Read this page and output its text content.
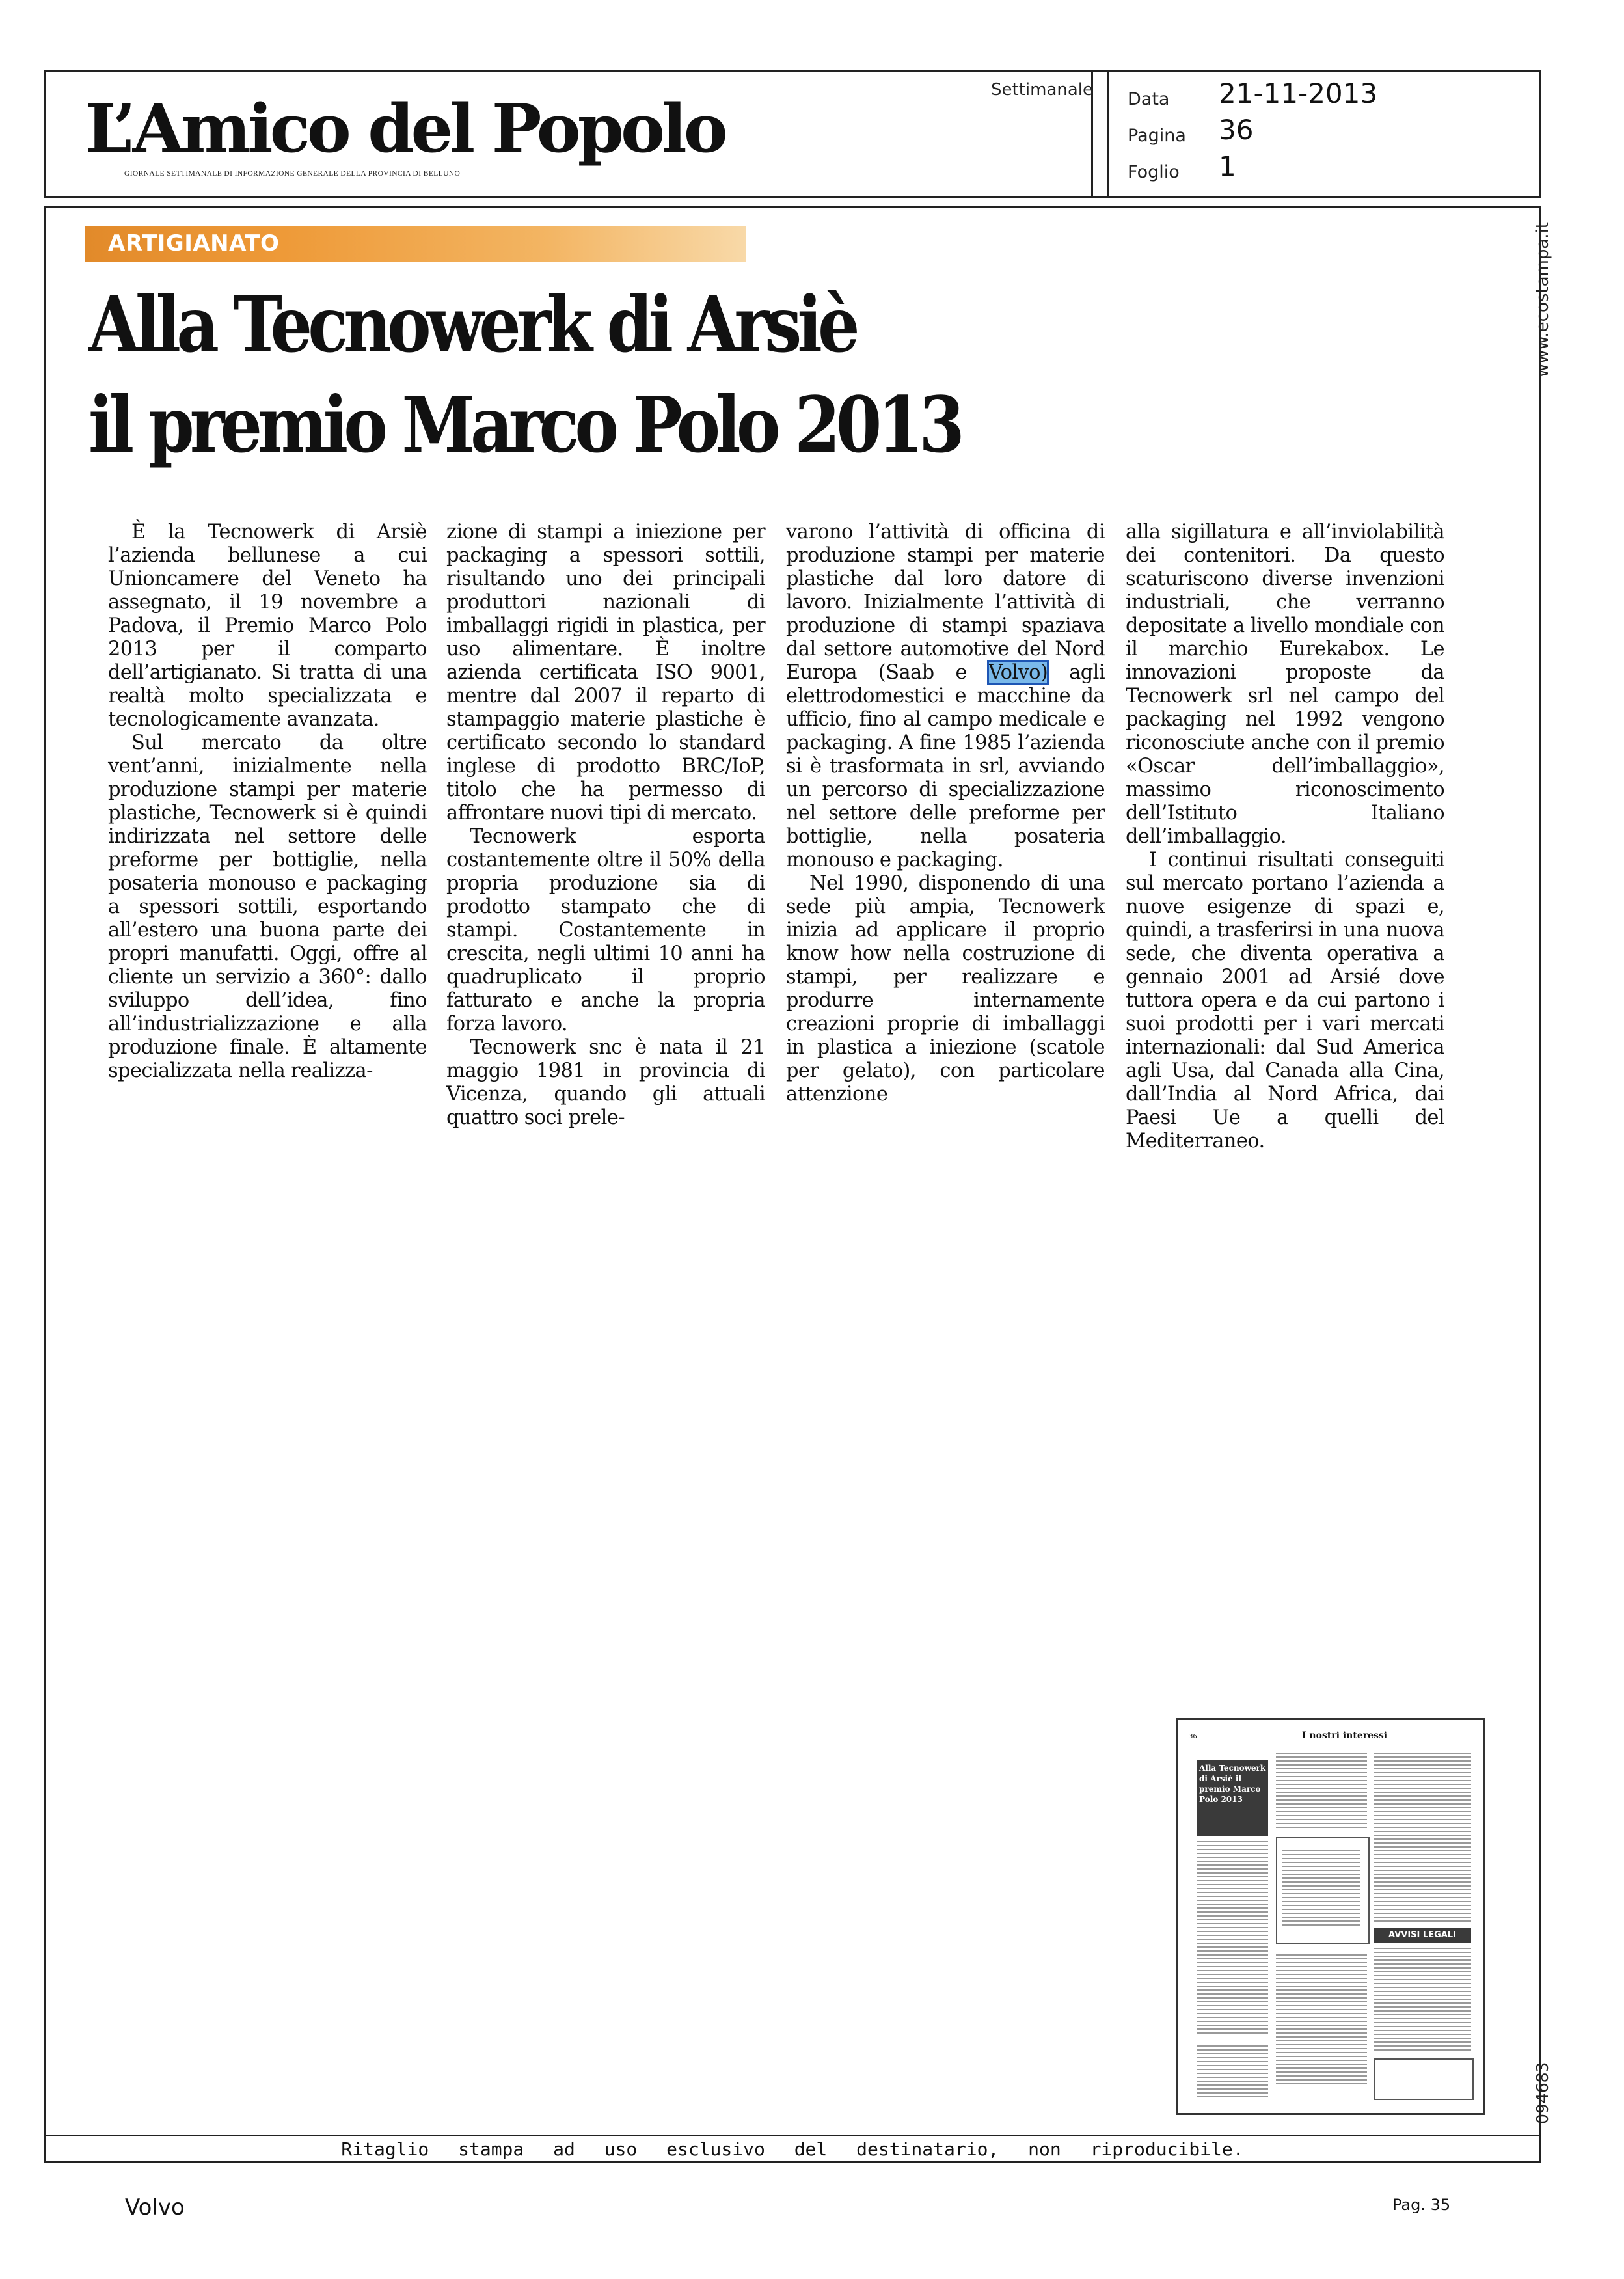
L’Amico del Popolo
GIORNALE SETTIMANALE DI INFORMAZIONE GENERALE DELLA PROVINCIA DI BELLUNO
Settimanale Data 21-11-2013
Pagina 36
Foglio 1
www.ecostampa.it
094683
ARTIGIANATO
Alla Tecnowerk di Arsiè
il premio Marco Polo 2013

È la Tecnowerk di Arsiè l’azienda bellunese a cui Unioncamere del Veneto ha assegnato, il 19 novembre a Padova, il Premio Marco Polo 2013 per il comparto dell’artigianato. Si tratta di una realtà molto specializzata e tecnologicamente avanzata.

Sul mercato da oltre vent’anni, inizialmente nella produzione stampi per materie plastiche, Tecnowerk si è quindi indirizzata nel settore delle preforme per bottiglie, nella posateria monouso e packaging a spessori sottili, esportando all’estero una buona parte dei propri manufatti. Oggi, offre al cliente un servizio a 360°: dallo sviluppo dell’idea, fino all’industrializzazione e alla produzione finale. È altamente specializzata nella realizza-

zione di stampi a iniezione per packaging a spessori sottili, risultando uno dei principali produttori nazionali di imballaggi rigidi in plastica, per uso alimentare. È inoltre azienda certificata ISO 9001, mentre dal 2007 il reparto di stampaggio materie plastiche è certificato secondo lo standard inglese di prodotto BRC/IoP, titolo che ha permesso di affrontare nuovi tipi di mercato.

Tecnowerk esporta costantemente oltre il 50% della propria produzione sia di prodotto stampato che di stampi. Costantemente in crescita, negli ultimi 10 anni ha quadruplicato il proprio fatturato e anche la propria forza lavoro.

Tecnowerk snc è nata il 21 maggio 1981 in provincia di Vicenza, quando gli attuali quattro soci prele-

varono l’attività di officina di produzione stampi per materie plastiche dal loro datore di lavoro. Inizialmente l’attività di produzione di stampi spaziava dal settore automotive del Nord Europa (Saab e Volvo) agli elettrodomestici e macchine da ufficio, fino al campo medicale e packaging. A fine 1985 l’azienda si è trasformata in srl, avviando un percorso di specializzazione nel settore delle preforme per bottiglie, nella posateria monouso e packaging.

Nel 1990, disponendo di una sede più ampia, Tecnowerk inizia ad applicare il proprio know how nella costruzione di stampi, per realizzare e produrre internamente creazioni proprie di imballaggi in plastica a iniezione (scatole per gelato), con particolare attenzione

alla sigillatura e all’inviolabilità dei contenitori. Da questo scaturiscono diverse invenzioni industriali, che verranno depositate a livello mondiale con il marchio Eurekabox. Le innovazioni proposte da Tecnowerk srl nel campo del packaging nel 1992 vengono riconosciute anche con il premio «Oscar dell’imballaggio», massimo riconoscimento dell’Istituto Italiano dell’imballaggio.

I continui risultati conseguiti sul mercato portano l’azienda a nuove esigenze di spazi e, quindi, a trasferirsi in una nuova sede, che diventa operativa a gennaio 2001 ad Arsié dove tuttora opera e da cui partono i suoi prodotti per i vari mercati internazionali: dal Sud America agli Usa, dal Canada alla Cina, dall’India al Nord Africa, dai Paesi Ue a quelli del Mediterraneo.

36	I nostri interessi
Alla Tecnowerk di Arsiè il premio Marco Polo 2013
AVVISI LEGALI
Ritaglio stampa ad uso esclusivo del destinatario, non riproducibile.
Volvo	Pag. 35
